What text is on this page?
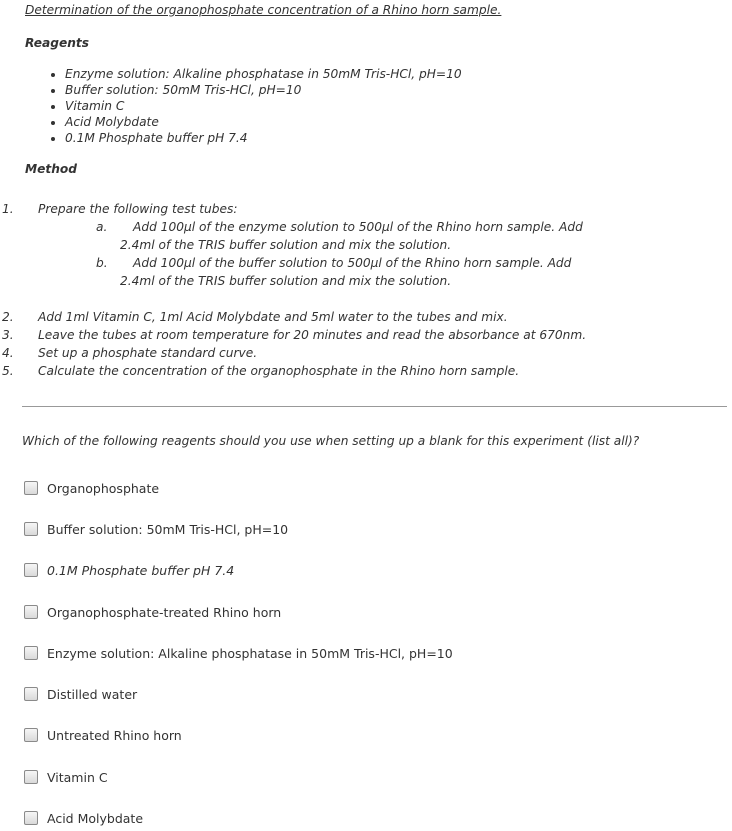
Determination of the organophosphate concentration of a Rhino horn sample.
Reagents
• Enzyme solution: Alkaline phosphatase in 50mM Tris-HCl, pH=10
• Buffer solution: 50mM Tris-HCl, pH=10
• Vitamin C
• Acid Molybdate
• 0.1M Phosphate buffer pH 7.4
Method
1. Prepare the following test tubes:
a. Add 100µl of the enzyme solution to 500µl of the Rhino horn sample. Add
2.4ml of the TRIS buffer solution and mix the solution.
b. Add 100µl of the buffer solution to 500µl of the Rhino horn sample. Add
2.4ml of the TRIS buffer solution and mix the solution.
2. Add 1ml Vitamin C, 1ml Acid Molybdate and 5ml water to the tubes and mix.
3. Leave the tubes at room temperature for 20 minutes and read the absorbance at 670nm.
4. Set up a phosphate standard curve.
5. Calculate the concentration of the organophosphate in the Rhino horn sample.
Which of the following reagents should you use when setting up a blank for this experiment (list all)?
Organophosphate
Buffer solution: 50mM Tris-HCl, pH=10
0.1M Phosphate buffer pH 7.4
Organophosphate-treated Rhino horn
Enzyme solution: Alkaline phosphatase in 50mM Tris-HCl, pH=10
Distilled water
Untreated Rhino horn
Vitamin C
Acid Molybdate
